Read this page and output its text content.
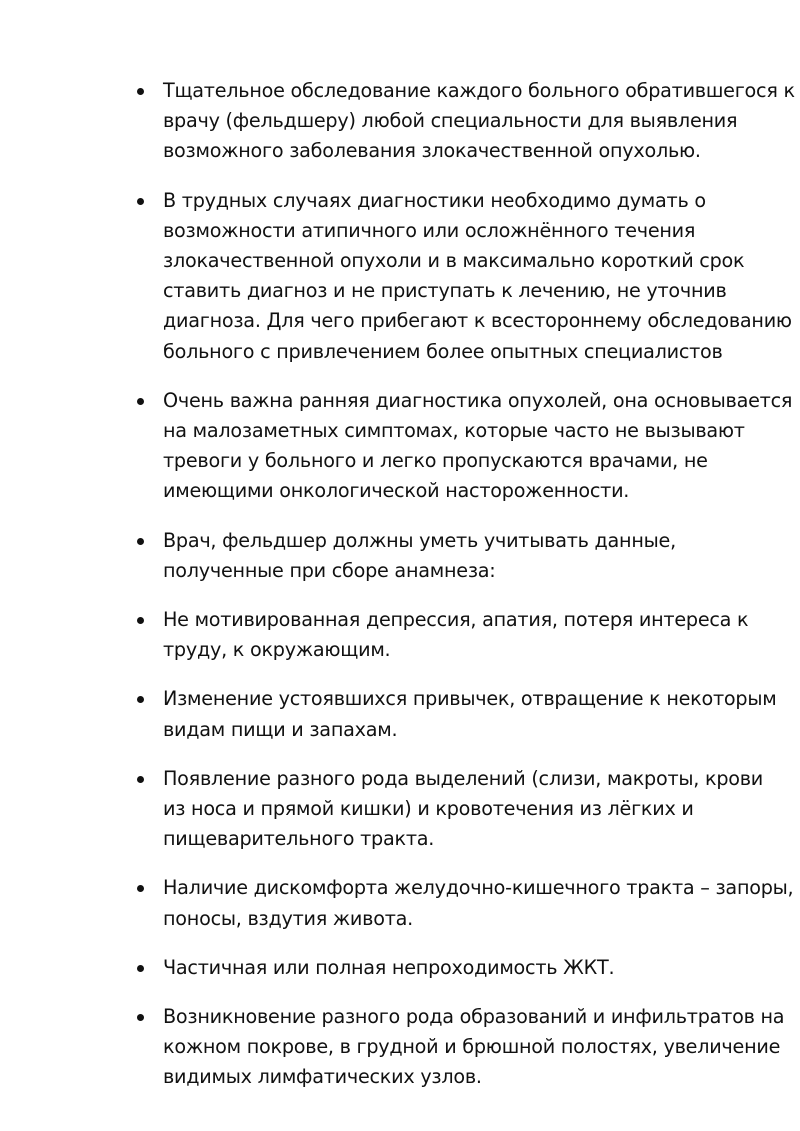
Тщательное обследование каждого больного обратившегося к
врачу (фельдшеру) любой специальности для выявления
возможного заболевания злокачественной опухолью.
В трудных случаях диагностики необходимо думать о
возможности атипичного или осложнённого течения
злокачественной опухоли и в максимально короткий срок
ставить диагноз и не приступать к лечению, не уточнив
диагноза. Для чего прибегают к всестороннему обследованию
больного с привлечением более опытных специалистов
Очень важна ранняя диагностика опухолей, она основывается
на малозаметных симптомах, которые часто не вызывают
тревоги у больного и легко пропускаются врачами, не
имеющими онкологической настороженности.
Врач, фельдшер должны уметь учитывать данные,
полученные при сборе анамнеза:
Не мотивированная депрессия, апатия, потеря интереса к
труду, к окружающим.
Изменение устоявшихся привычек, отвращение к некоторым
видам пищи и запахам.
Появление разного рода выделений (слизи, макроты, крови
из носа и прямой кишки) и кровотечения из лёгких и
пищеварительного тракта.
Наличие дискомфорта желудочно-кишечного тракта – запоры,
поносы, вздутия живота.
Частичная или полная непроходимость ЖКТ.
Возникновение разного рода образований и инфильтратов на
кожном покрове, в грудной и брюшной полостях, увеличение
видимых лимфатических узлов.
